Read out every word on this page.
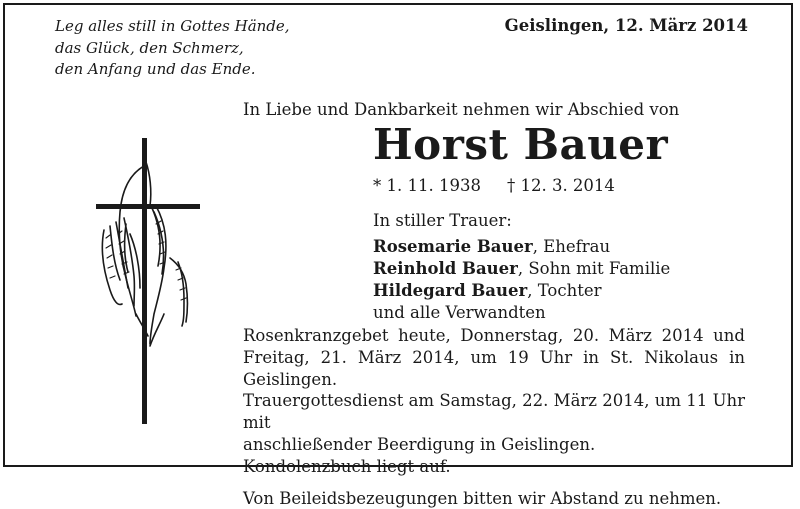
Leg alles still in Gottes Hände,
das Glück, den Schmerz,
den Anfang und das Ende.
Geislingen, 12. März 2014
In Liebe und Dankbarkeit nehmen wir Abschied von
Horst Bauer
* 1. 11. 1938 † 12. 3. 2014
In stiller Trauer:
Rosemarie Bauer, Ehefrau
Reinhold Bauer, Sohn mit Familie
Hildegard Bauer, Tochter
und alle Verwandten
Rosenkranzgebet heute, Donnerstag, 20. März 2014 und
Freitag, 21. März 2014, um 19 Uhr in St. Nikolaus in Geislingen.
Trauergottesdienst am Samstag, 22. März 2014, um 11 Uhr mit
anschließender Beerdigung in Geislingen.
Kondolenzbuch liegt auf.
Von Beileidsbezeugungen bitten wir Abstand zu nehmen.
